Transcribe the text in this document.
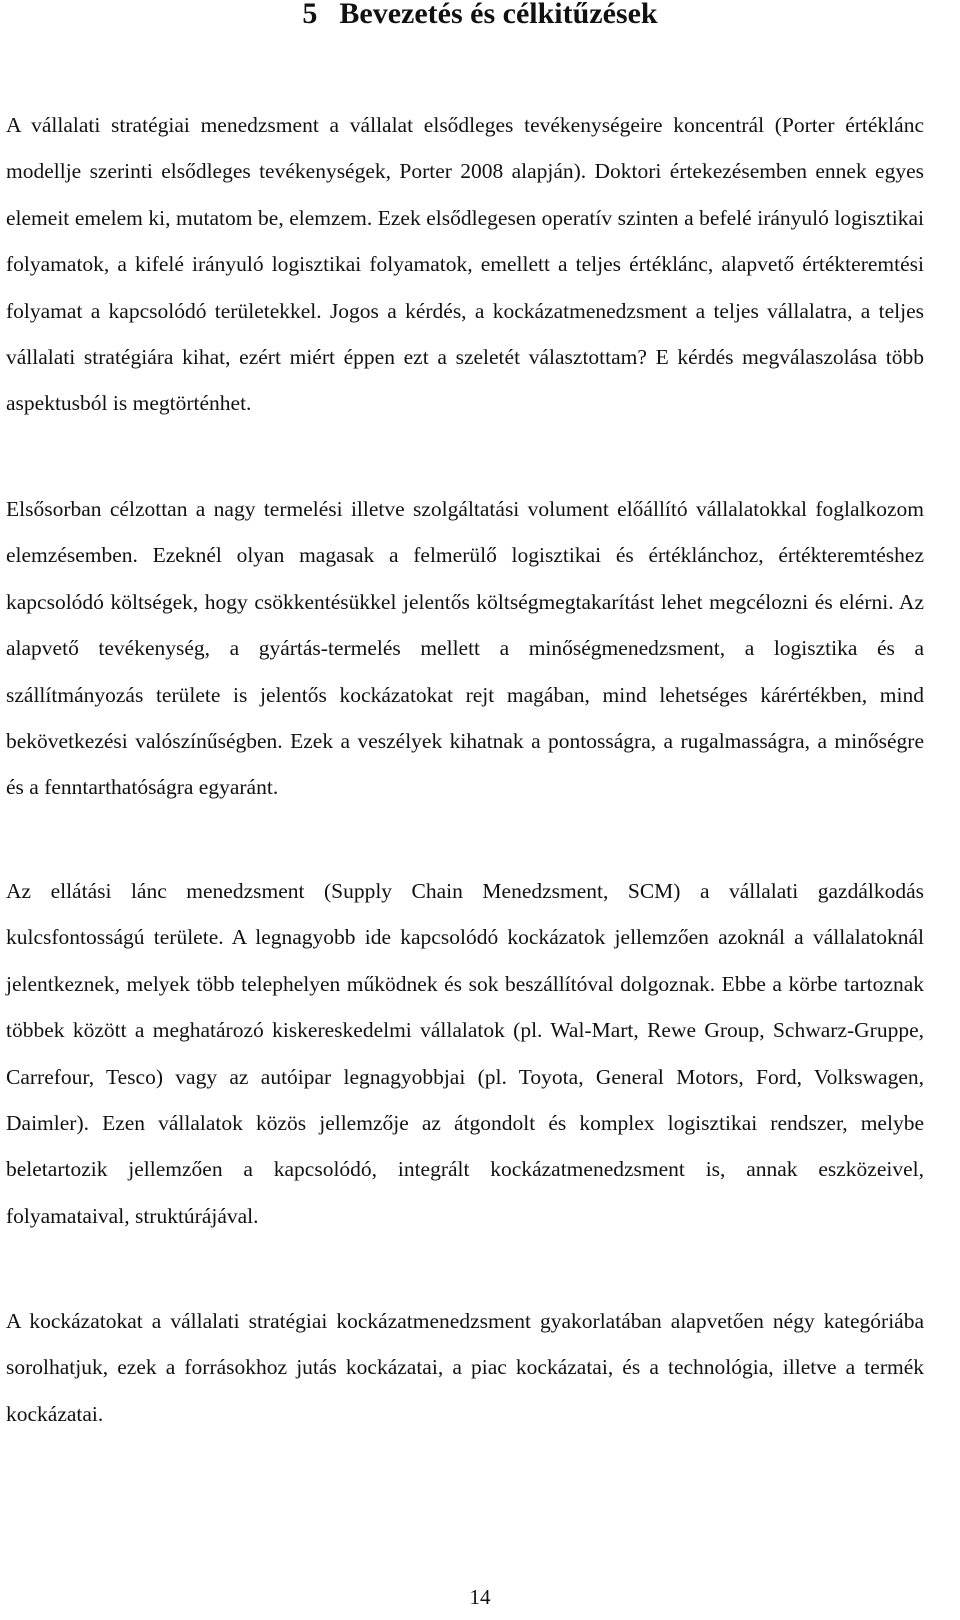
5 Bevezetés és célkitűzések

A vállalati stratégiai menedzsment a vállalat elsődleges tevékenységeire koncentrál (Porter értéklánc modellje szerinti elsődleges tevékenységek, Porter 2008 alapján). Doktori értekezésemben ennek egyes elemeit emelem ki, mutatom be, elemzem. Ezek elsődlegesen operatív szinten a befelé irányuló logisztikai folyamatok, a kifelé irányuló logisztikai folyamatok, emellett a teljes értéklánc, alapvető értékteremtési folyamat a kapcsolódó területekkel. Jogos a kérdés, a kockázatmenedzsment a teljes vállalatra, a teljes vállalati stratégiára kihat, ezért miért éppen ezt a szeletét választottam? E kérdés megválaszolása több aspektusból is megtörténhet.

Elsősorban célzottan a nagy termelési illetve szolgáltatási volument előállító vállalatokkal foglalkozom elemzésemben. Ezeknél olyan magasak a felmerülő logisztikai és értéklánchoz, értékteremtéshez kapcsolódó költségek, hogy csökkentésükkel jelentős költségmegtakarítást lehet megcélozni és elérni. Az alapvető tevékenység, a gyártás-termelés mellett a minőségmenedzsment, a logisztika és a szállítmányozás területe is jelentős kockázatokat rejt magában, mind lehetséges kárértékben, mind bekövetkezési valószínűségben. Ezek a veszélyek kihatnak a pontosságra, a rugalmasságra, a minőségre és a fenntarthatóságra egyaránt.

Az ellátási lánc menedzsment (Supply Chain Menedzsment, SCM) a vállalati gazdálkodás kulcsfontosságú területe. A legnagyobb ide kapcsolódó kockázatok jellemzően azoknál a vállalatoknál jelentkeznek, melyek több telephelyen működnek és sok beszállítóval dolgoznak. Ebbe a körbe tartoznak többek között a meghatározó kiskereskedelmi vállalatok (pl. Wal-Mart, Rewe Group, Schwarz-Gruppe, Carrefour, Tesco) vagy az autóipar legnagyobbjai (pl. Toyota, General Motors, Ford, Volkswagen, Daimler). Ezen vállalatok közös jellemzője az átgondolt és komplex logisztikai rendszer, melybe beletartozik jellemzően a kapcsolódó, integrált kockázatmenedzsment is, annak eszközeivel, folyamataival, struktúrájával.

A kockázatokat a vállalati stratégiai kockázatmenedzsment gyakorlatában alapvetően négy kategóriába sorolhatjuk, ezek a forrásokhoz jutás kockázatai, a piac kockázatai, és a technológia, illetve a termék kockázatai.

14
